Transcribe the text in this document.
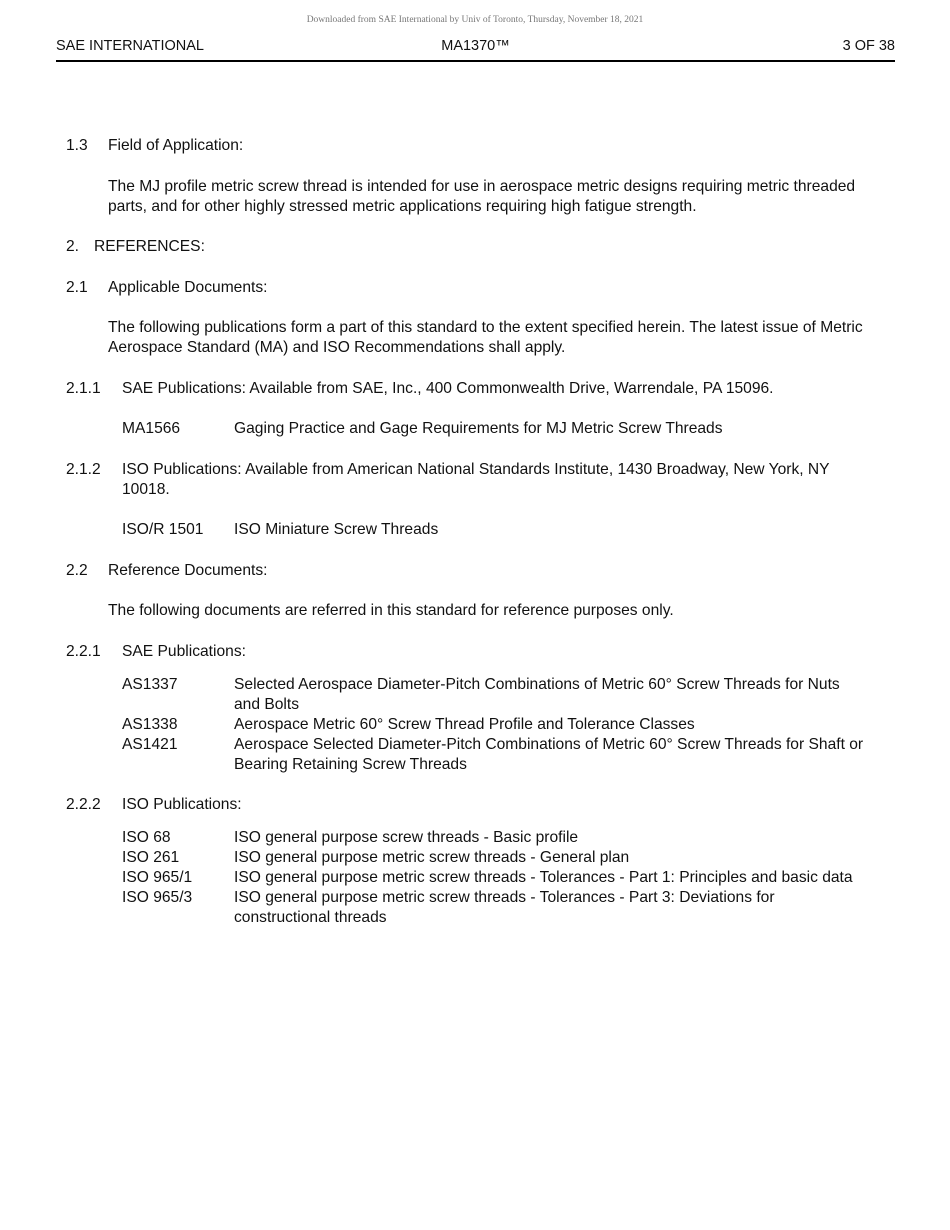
Downloaded from SAE International by Univ of Toronto, Thursday, November 18, 2021
SAE INTERNATIONAL	MA1370™	3 OF 38

1.3 Field of Application:

The MJ profile metric screw thread is intended for use in aerospace metric designs requiring metric threaded parts, and for other highly stressed metric applications requiring high fatigue strength.

2. REFERENCES:

2.1 Applicable Documents:

The following publications form a part of this standard to the extent specified herein. The latest issue of Metric Aerospace Standard (MA) and ISO Recommendations shall apply.

2.1.1 SAE Publications: Available from SAE, Inc., 400 Commonwealth Drive, Warrendale, PA 15096.

MA1566	Gaging Practice and Gage Requirements for MJ Metric Screw Threads

2.1.2 ISO Publications: Available from American National Standards Institute, 1430 Broadway, New York, NY 10018.

ISO/R 1501	ISO Miniature Screw Threads

2.2 Reference Documents:

The following documents are referred in this standard for reference purposes only.

2.2.1 SAE Publications:

AS1337	Selected Aerospace Diameter-Pitch Combinations of Metric 60° Screw Threads for Nuts and Bolts
AS1338	Aerospace Metric 60° Screw Thread Profile and Tolerance Classes
AS1421	Aerospace Selected Diameter-Pitch Combinations of Metric 60° Screw Threads for Shaft or Bearing Retaining Screw Threads

2.2.2 ISO Publications:

ISO 68	ISO general purpose screw threads - Basic profile
ISO 261	ISO general purpose metric screw threads - General plan
ISO 965/1	ISO general purpose metric screw threads - Tolerances - Part 1: Principles and basic data
ISO 965/3	ISO general purpose metric screw threads - Tolerances - Part 3: Deviations for constructional threads
